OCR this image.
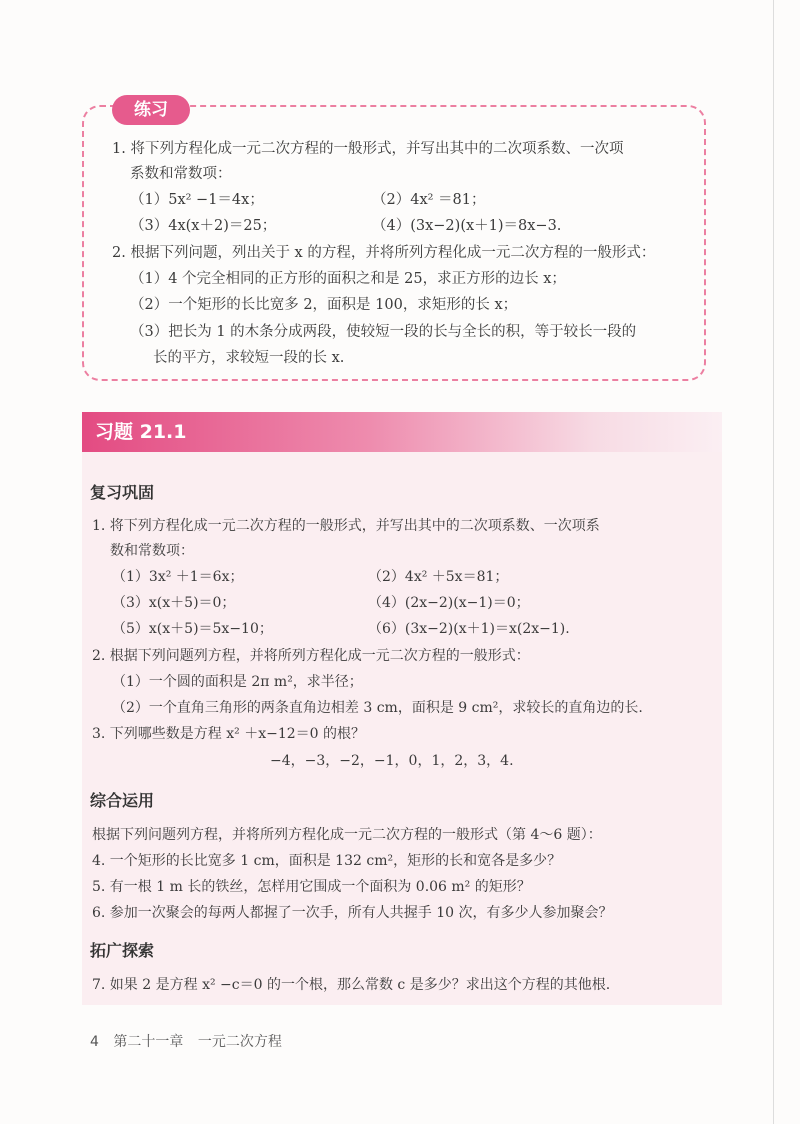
练习
1. 将下列方程化成一元二次方程的一般形式，并写出其中的二次项系数、一次项
系数和常数项：
（1）5x² −1＝4x；	（2）4x² ＝81；
（3）4x(x＋2)＝25；	（4）(3x−2)(x＋1)＝8x−3.
2. 根据下列问题，列出关于 x 的方程，并将所列方程化成一元二次方程的一般形式：
（1）4 个完全相同的正方形的面积之和是 25，求正方形的边长 x；
（2）一个矩形的长比宽多 2，面积是 100，求矩形的长 x；
（3）把长为 1 的木条分成两段，使较短一段的长与全长的积，等于较长一段的
长的平方，求较短一段的长 x.
习题 21.1
复习巩固
1. 将下列方程化成一元二次方程的一般形式，并写出其中的二次项系数、一次项系
数和常数项：
（1）3x² ＋1＝6x；	（2）4x² ＋5x＝81；
（3）x(x＋5)＝0；	（4）(2x−2)(x−1)＝0；
（5）x(x＋5)＝5x−10；	（6）(3x−2)(x＋1)＝x(2x−1).
2. 根据下列问题列方程，并将所列方程化成一元二次方程的一般形式：
（1）一个圆的面积是 2π m²，求半径；
（2）一个直角三角形的两条直角边相差 3 cm，面积是 9 cm²，求较长的直角边的长.
3. 下列哪些数是方程 x² ＋x−12＝0 的根？
−4，−3，−2，−1，0，1，2，3，4.
综合运用
根据下列问题列方程，并将所列方程化成一元二次方程的一般形式（第 4～6 题）：
4. 一个矩形的长比宽多 1 cm，面积是 132 cm²，矩形的长和宽各是多少？
5. 有一根 1 m 长的铁丝，怎样用它围成一个面积为 0.06 m² 的矩形？
6. 参加一次聚会的每两人都握了一次手，所有人共握手 10 次，有多少人参加聚会？
拓广探索
7. 如果 2 是方程 x² −c＝0 的一个根，那么常数 c 是多少？求出这个方程的其他根.
4 第二十一章 一元二次方程
